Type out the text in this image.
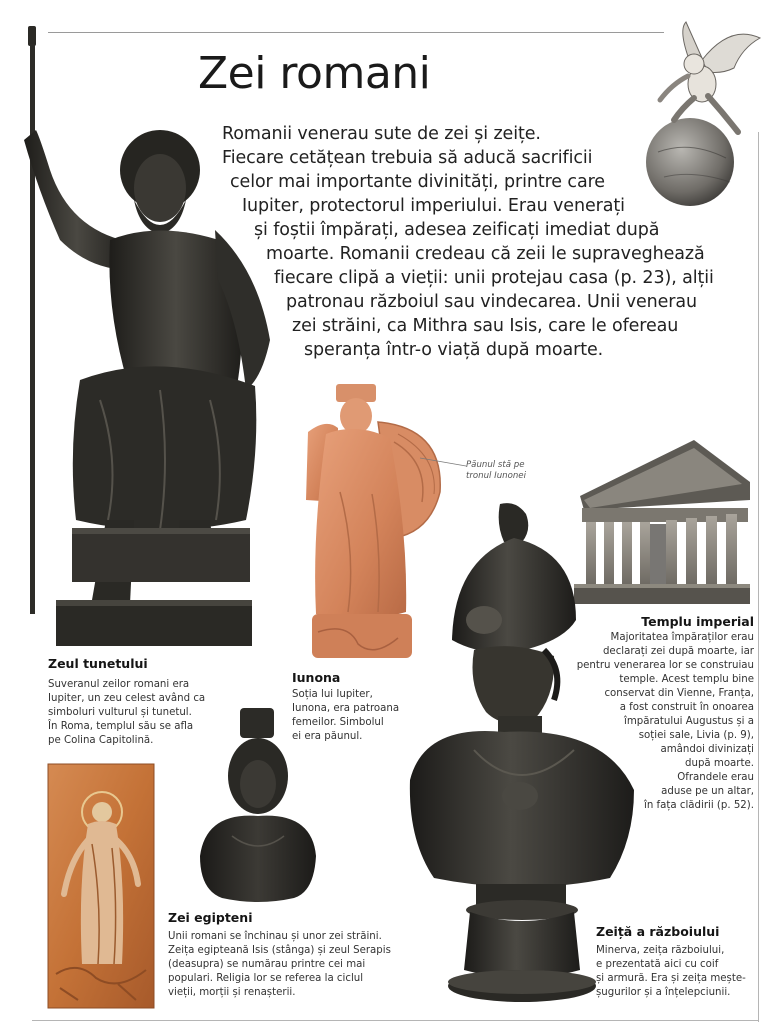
Zei romani
Romanii venerau sute de zei și zeițe.
Fiecare cetățean trebuia să aducă sacrificii
celor mai importante divinități, printre care
Iupiter, protectorul imperiului. Erau venerați
și foștii împărați, adesea zeificați imediat după
moarte. Romanii credeau că zeii le supraveghează
fiecare clipă a vieții: unii protejau casa (p. 23), alții
patronau războiul sau vindecarea. Unii venerau
zei străini, ca Mithra sau Isis, care le ofereau
speranța într-o viață după moarte.
Zeul tunetului
Suveranul zeilor romani era
Iupiter, un zeu celest având ca
simboluri vulturul și tunetul.
În Roma, templul său se afla
pe Colina Capitolină.
Păunul stă pe
tronul Iunonei
Iunona
Soția lui Iupiter,
Iunona, era patroana
femeilor. Simbolul
ei era păunul.
Templu imperial
Majoritatea împăraților erau
declarați zei după moarte, iar
pentru venerarea lor se construiau
temple. Acest templu bine
conservat din Vienne, Franța,
a fost construit în onoarea
împăratului Augustus și a
soției sale, Livia (p. 9),
amândoi divinizați
după moarte.
Ofrandele erau
aduse pe un altar,
în fața clădirii (p. 52).
Zeiță a războiului
Minerva, zeița războiului,
e prezentată aici cu coif
și armură. Era și zeița mește-
șugurilor și a înțelepciunii.
Zei egipteni
Unii romani se închinau și unor zei străini.
Zeița egipteană Isis (stânga) și zeul Serapis
(deasupra) se numărau printre cei mai
populari. Religia lor se referea la ciclul
vieții, morții și renașterii.
